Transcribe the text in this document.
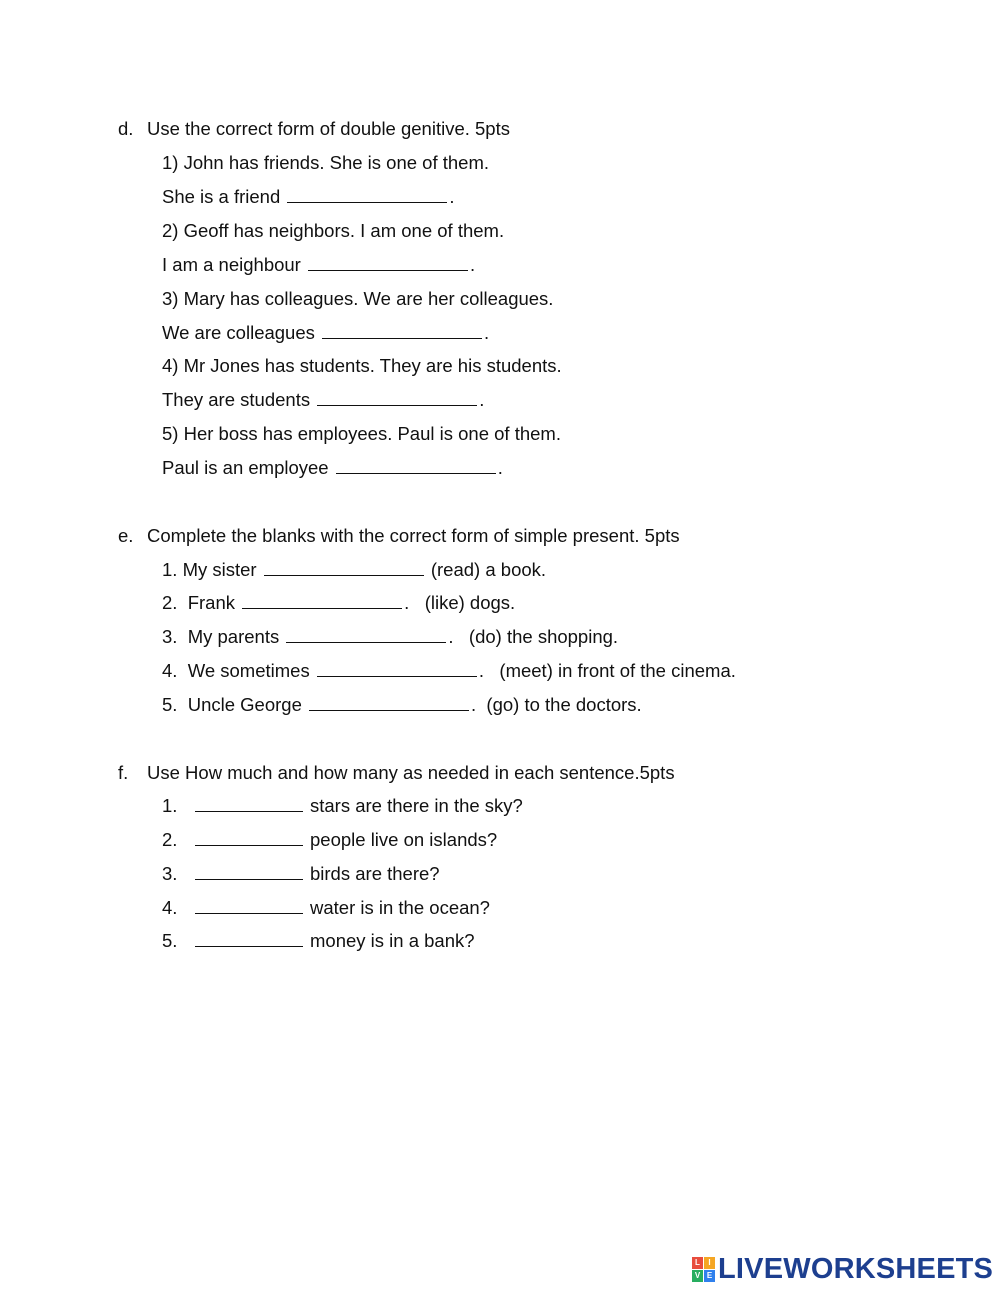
d. Use the correct form of double genitive. 5pts
1) John has friends. She is one of them.
She is a friend	.
2) Geoff has neighbors. I am one of them.
I am a neighbour	.
3) Mary has colleagues. We are her colleagues.
We are colleagues	.
4) Mr Jones has students. They are his students.
They are students	.
5) Her boss has employees. Paul is one of them.
Paul is an employee	.
e. Complete the blanks with the correct form of simple present. 5pts
1. My sister	(read) a book.
2.  Frank	.   (like) dogs.
3.  My parents	.   (do) the shopping.
4.  We sometimes	.   (meet) in front of the cinema.
5.  Uncle George	.  (go) to the doctors.
f. Use How much and how many as needed in each sentence.5pts
1.	stars are there in the sky?
2.	people live on islands?
3.	birds are there?
4.	water is in the ocean?
5.	money is in a bank?
L	I
V E LIVEWORKSHEETS
